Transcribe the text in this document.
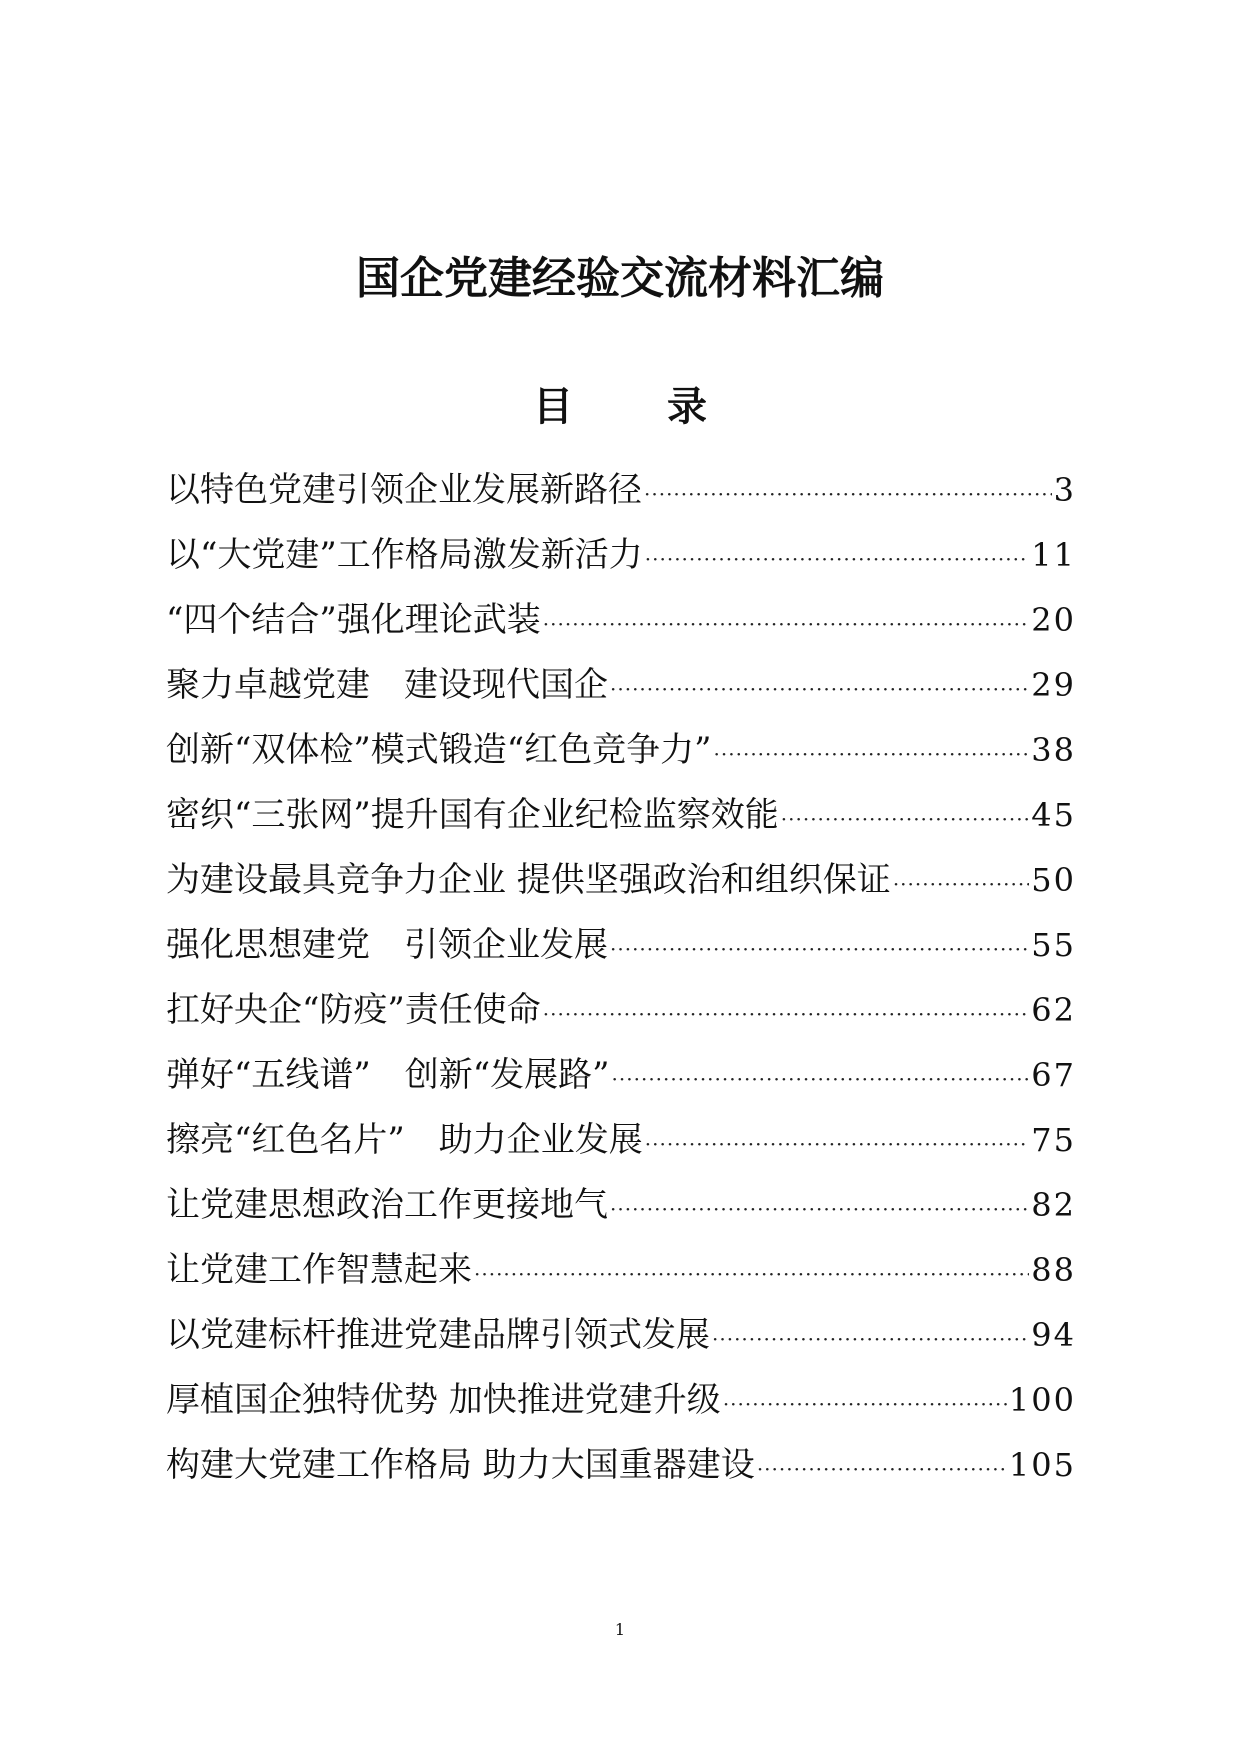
国企党建经验交流材料汇编
目 录
以特色党建引领企业发展新路径 ·····	3
以“大党建”工作格局激发新活力 ·····	11
“四个结合”强化理论武装 ·····	20
聚力卓越党建　建设现代国企 ·····	29
创新“双体检”模式锻造“红色竞争力” ·····	38
密织“三张网”提升国有企业纪检监察效能 ·····	45
为建设最具竞争力企业 提供坚强政治和组织保证 ·····	50
强化思想建党　引领企业发展 ·····	55
扛好央企“防疫”责任使命 ·····	62
弹好“五线谱”　创新“发展路” ·····	67
擦亮“红色名片”　助力企业发展 ·····	75
让党建思想政治工作更接地气 ·····	82
让党建工作智慧起来 ·····	88
以党建标杆推进党建品牌引领式发展 ·····	94
厚植国企独特优势 加快推进党建升级 ·····	100
构建大党建工作格局 助力大国重器建设 ·····	105
1
